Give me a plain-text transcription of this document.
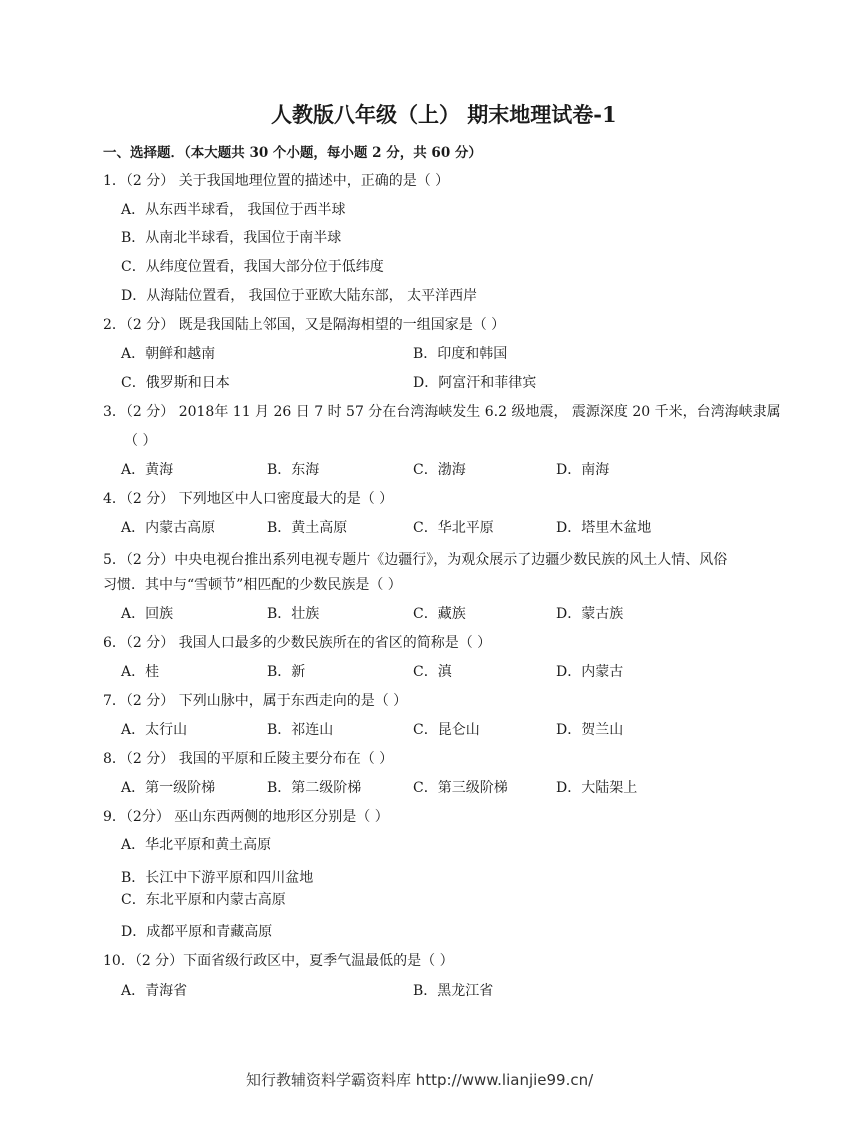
人教版八年级（上） 期末地理试卷-1
一、选择题．（本大题共 30 个小题，每小题 2 分，共 60 分）
1．（2 分） 关于我国地理位置的描述中，正确的是（ ）
A．从东西半球看， 我国位于西半球
B．从南北半球看，我国位于南半球
C．从纬度位置看，我国大部分位于低纬度
D．从海陆位置看， 我国位于亚欧大陆东部， 太平洋西岸
2．（2 分） 既是我国陆上邻国，又是隔海相望的一组国家是（ ）
A．朝鲜和越南	B．印度和韩国
C．俄罗斯和日本	D．阿富汗和菲律宾
3．（2 分） 2018年 11 月 26 日 7 时 57 分在台湾海峡发生 6.2 级地震， 震源深度 20 千米，台湾海峡隶属
（ ）
A．黄海	B．东海	C．渤海	D．南海
4．（2 分） 下列地区中人口密度最大的是（ ）
A．内蒙古高原	B．黄土高原	C．华北平原	D．塔里木盆地
5．（2 分）中央电视台推出系列电视专题片《边疆行》，为观众展示了边疆少数民族的风土人情、风俗
习惯．其中与“雪顿节”相匹配的少数民族是（ ）
A．回族	B．壮族	C．藏族	D．蒙古族
6．（2 分） 我国人口最多的少数民族所在的省区的简称是（ ）
A．桂	B．新	C．滇	D．内蒙古
7．（2 分） 下列山脉中，属于东西走向的是（ ）
A．太行山	B．祁连山	C．昆仑山	D．贺兰山
8．（2 分） 我国的平原和丘陵主要分布在（ ）
A．第一级阶梯	B．第二级阶梯	C．第三级阶梯	D．大陆架上
9．（2分） 巫山东西两侧的地形区分别是（ ）
A．华北平原和黄土高原
B．长江中下游平原和四川盆地
C．东北平原和内蒙古高原
D．成都平原和青藏高原
10．（2 分）下面省级行政区中，夏季气温最低的是（ ）
A．青海省	B．黑龙江省
知行教辅资料学霸资料库 http://www.lianjie99.cn/
